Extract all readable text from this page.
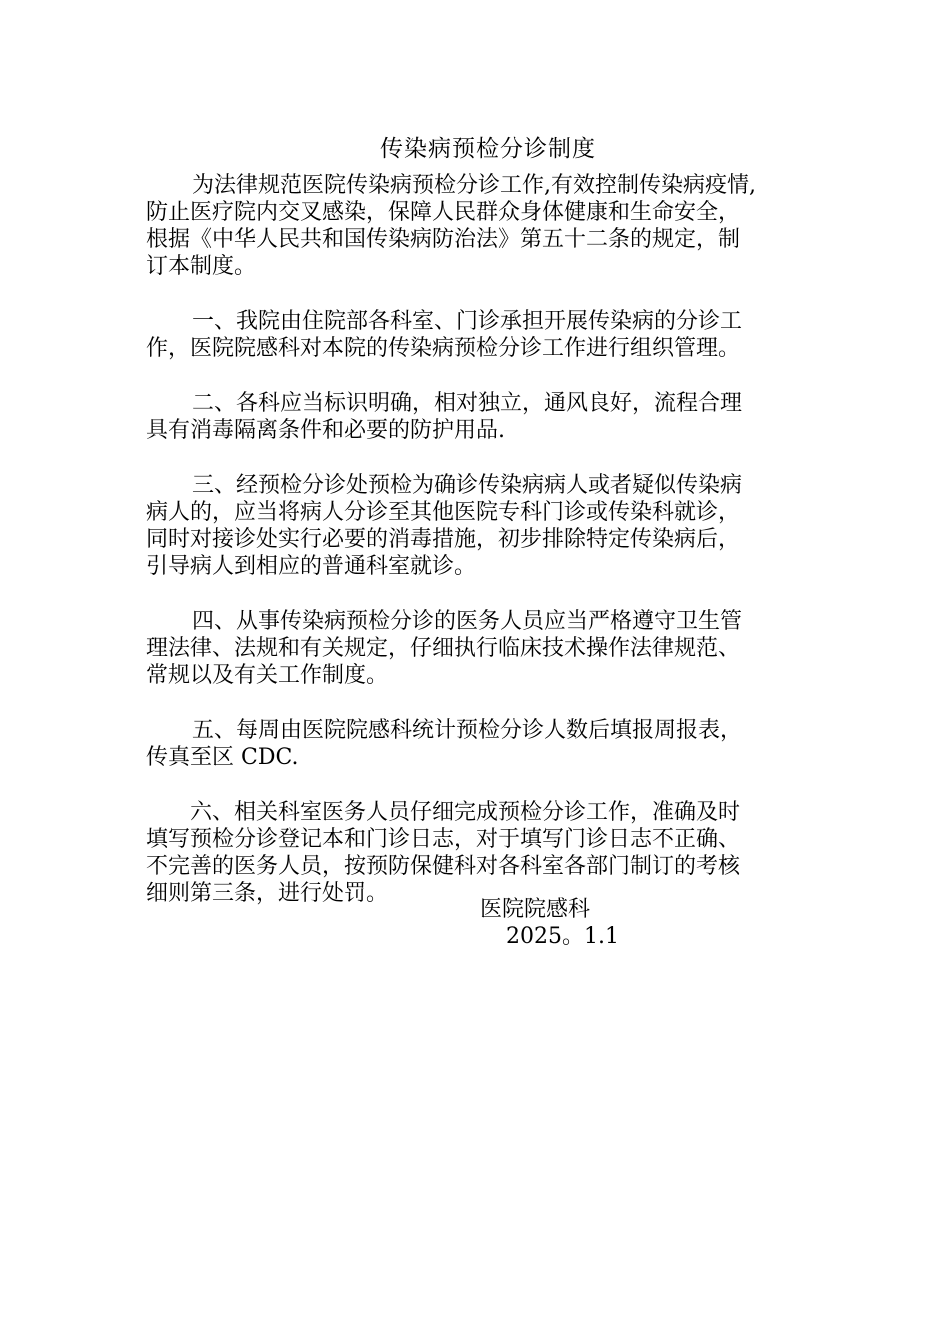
传染病预检分诊制度
为法律规范医院传染病预检分诊工作,有效控制传染病疫情,
防止医疗院内交叉感染，保障人民群众身体健康和生命安全，
根据《中华人民共和国传染病防治法》第五十二条的规定，制
订本制度。
一、我院由住院部各科室、门诊承担开展传染病的分诊工
作，医院院感科对本院的传染病预检分诊工作进行组织管理。
二、各科应当标识明确，相对独立，通风良好，流程合理
具有消毒隔离条件和必要的防护用品.
三、经预检分诊处预检为确诊传染病病人或者疑似传染病
病人的，应当将病人分诊至其他医院专科门诊或传染科就诊，
同时对接诊处实行必要的消毒措施，初步排除特定传染病后，
引导病人到相应的普通科室就诊。
四、从事传染病预检分诊的医务人员应当严格遵守卫生管
理法律、法规和有关规定，仔细执行临床技术操作法律规范、
常规以及有关工作制度。
五、每周由医院院感科统计预检分诊人数后填报周报表，
传真至区 CDC.
六、相关科室医务人员仔细完成预检分诊工作，准确及时
填写预检分诊登记本和门诊日志，对于填写门诊日志不正确、
不完善的医务人员，按预防保健科对各科室各部门制订的考核
细则第三条，进行处罚。
医院院感科
2025。1.1
